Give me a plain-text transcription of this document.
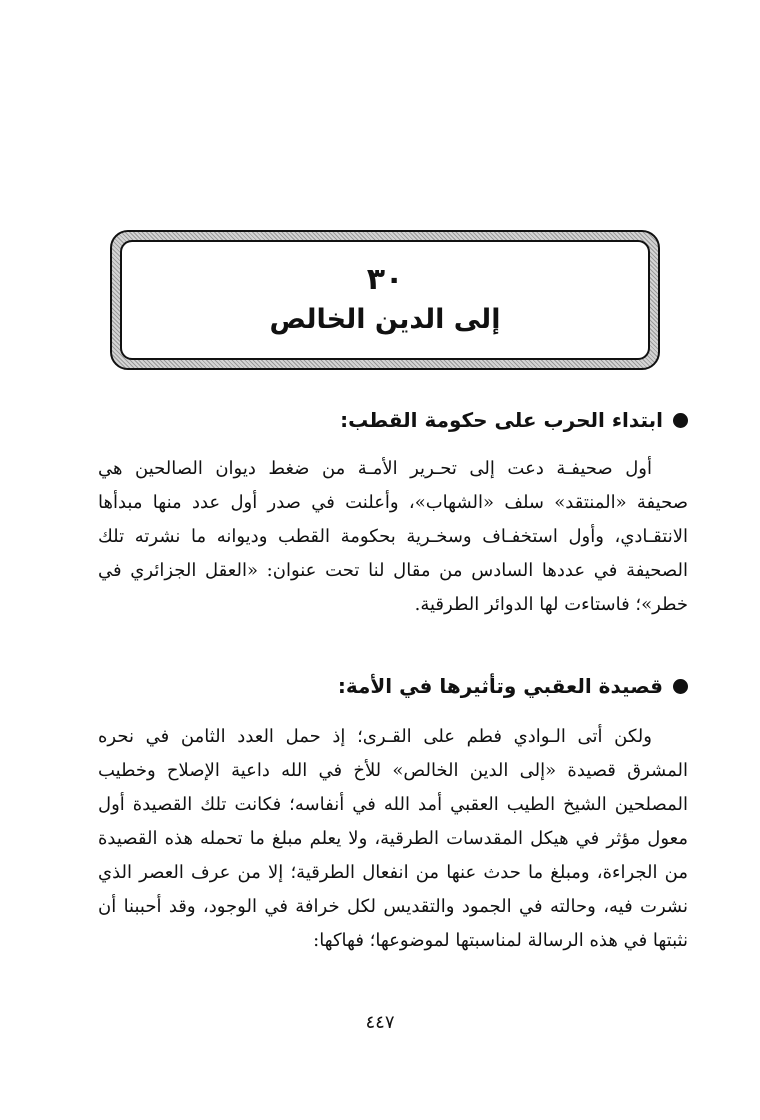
٣٠
إلى الدين الخالص
ابتداء الحرب على حكومة القطب:
أول صحيفـة دعت إلى تحـرير الأمـة من ضغط ديوان الصالحين هي
صحيفة «المنتقد» سلف «الشهاب»، وأعلنت في صدر أول عدد منها مبدأها
الانتقـادي، وأول استخفـاف وسخـرية بحكومة القطب وديوانه ما نشرته تلك
الصحيفة في عددها السادس من مقال لنا تحت عنوان: «العقل الجزائري في
خطر»؛ فاستاءت لها الدوائر الطرقية.
قصيدة العقبي وتأثيرها في الأمة:
ولكن أتى الـوادي فطم على القـرى؛ إذ حمل العدد الثامن في نحره
المشرق قصيدة «إلى الدين الخالص» للأخ في الله داعية الإصلاح وخطيب
المصلحين الشيخ الطيب العقبي أمد الله في أنفاسه؛ فكانت تلك القصيدة أول
معول مؤثر في هيكل المقدسات الطرقية، ولا يعلم مبلغ ما تحمله هذه القصيدة
من الجراءة، ومبلغ ما حدث عنها من انفعال الطرقية؛ إلا من عرف العصر الذي
نشرت فيه، وحالته في الجمود والتقديس لكل خرافة في الوجود، وقد أحببنا أن
نثبتها في هذه الرسالة لمناسبتها لموضوعها؛ فهاكها:
٤٤٧
